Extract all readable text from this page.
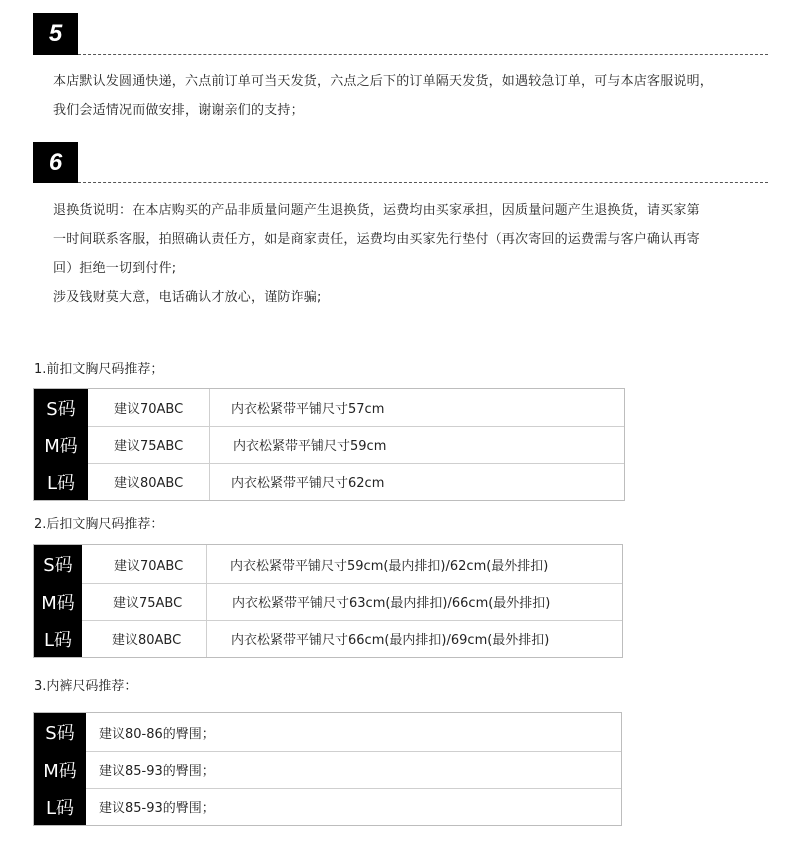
5

本店默认发圆通快递，六点前订单可当天发货，六点之后下的订单隔天发货，如遇较急订单，可与本店客服说明，

我们会适情况而做安排，谢谢亲们的支持；

6

退换货说明：在本店购买的产品非质量问题产生退换货，运费均由买家承担，因质量问题产生退换货，请买家第

一时间联系客服，拍照确认责任方，如是商家责任，运费均由买家先行垫付（再次寄回的运费需与客户确认再寄

回）拒绝一切到付件;

涉及钱财莫大意，电话确认才放心，谨防诈骗;

1.前扣文胸尺码推荐；
S码
M码
L码
建议70ABC
建议75ABC
建议80ABC
内衣松紧带平铺尺寸57cm
内衣松紧带平铺尺寸59cm
内衣松紧带平铺尺寸62cm
2.后扣文胸尺码推荐：
S码
M码
L码
建议70ABC
建议75ABC
建议80ABC
内衣松紧带平铺尺寸59cm(最内排扣)/62cm(最外排扣)
内衣松紧带平铺尺寸63cm(最内排扣)/66cm(最外排扣)
内衣松紧带平铺尺寸66cm(最内排扣)/69cm(最外排扣)
3.内裤尺码推荐：
S码
M码
L码
建议80-86的臀围；
建议85-93的臀围；
建议85-93的臀围；
